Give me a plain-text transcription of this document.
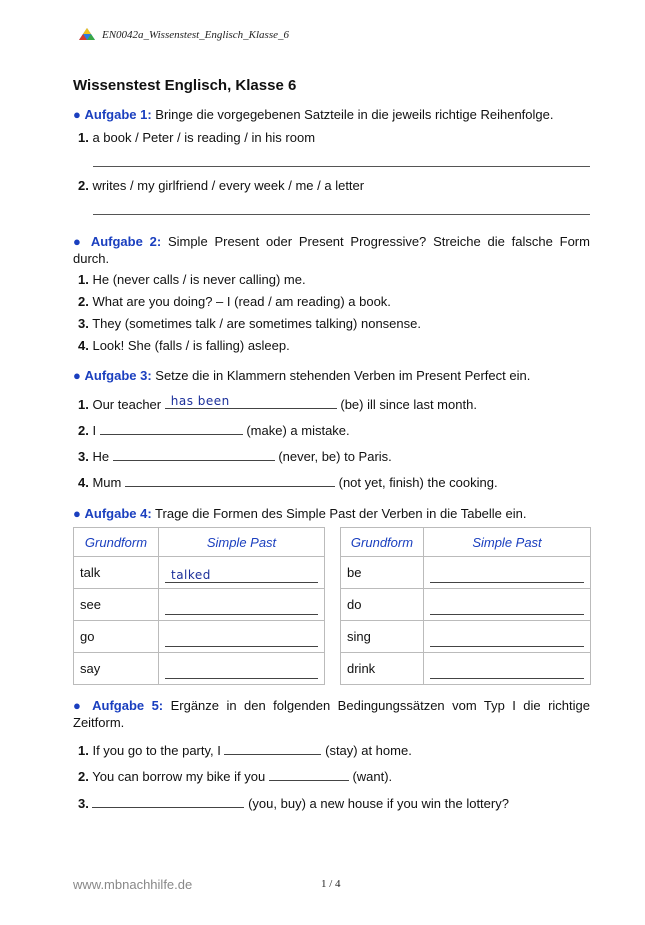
EN0042a_Wissenstest_Englisch_Klasse_6
Wissenstest Englisch, Klasse 6
● Aufgabe 1: Bringe die vorgegebenen Satzteile in die jeweils richtige Reihenfolge.
1. a book / Peter / is reading / in his room
2. writes / my girlfriend / every week / me / a letter
● Aufgabe 2: Simple Present oder Present Progressive? Streiche die falsche Form durch.
1. He (never calls / is never calling) me.
2. What are you doing? – I (read / am reading) a book.
3. They (sometimes talk / are sometimes talking) nonsense.
4. Look! She (falls / is falling) asleep.
● Aufgabe 3: Setze die in Klammern stehenden Verben im Present Perfect ein.
1. Our teacher has been	(be) ill since last month.
2. I	(make) a mistake.
3. He	(never, be) to Paris.
4. Mum	(not yet, finish) the cooking.
● Aufgabe 4: Trage die Formen des Simple Past der Verben in die Tabelle ein.
Grundform	Simple Past
talk	talked

see	

go	

say	
Grundform	Simple Past
be	

do	

sing	

drink	
● Aufgabe 5: Ergänze in den folgenden Bedingungssätzen vom Typ I die richtige Zeitform.
1. If you go to the party, I	(stay) at home.
2. You can borrow my bike if you	(want).
3.	(you, buy) a new house if you win the lottery?
www.mbnachhilfe.de	1 / 4
